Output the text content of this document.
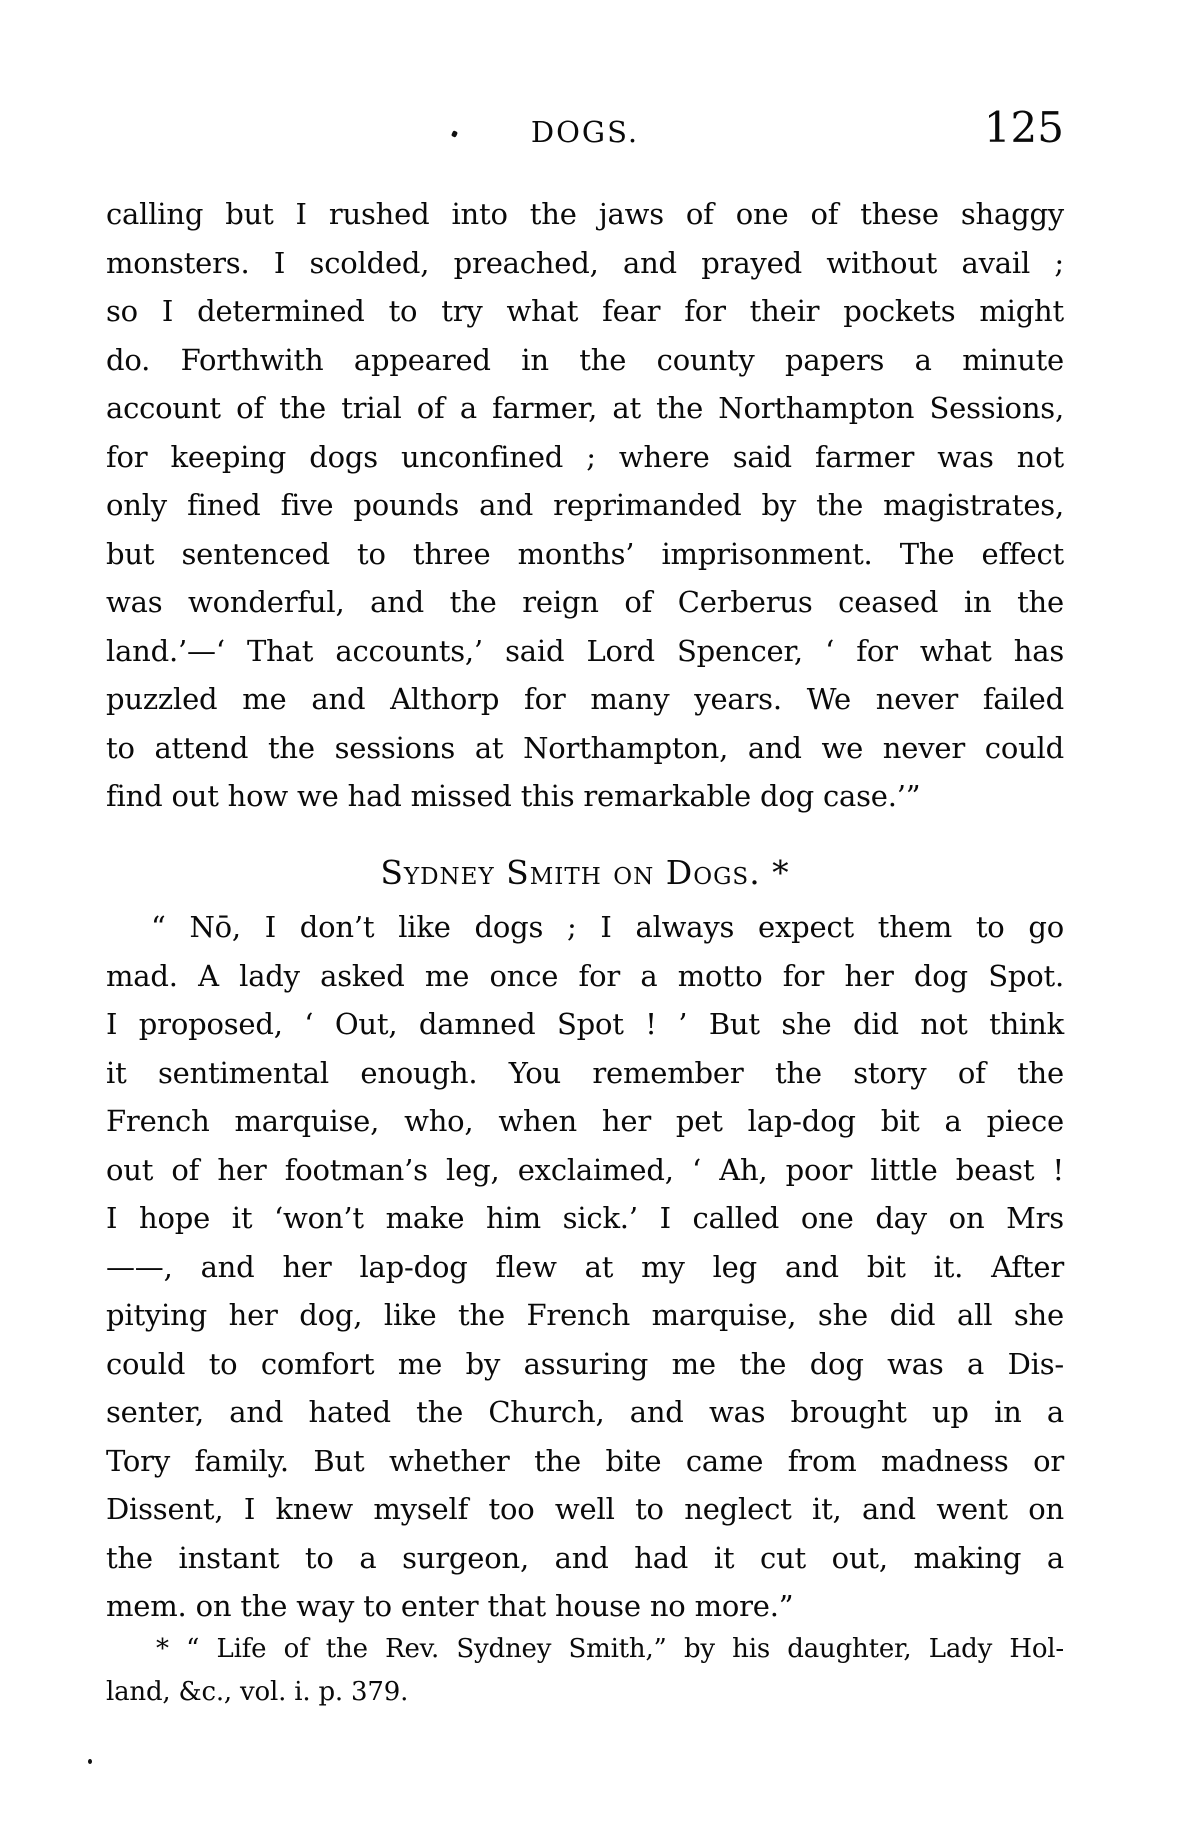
DOGS.	125
calling but I rushed into the jaws of one of these shaggy
monsters. I scolded, preached, and prayed without avail ;
so I determined to try what fear for their pockets might
do. Forthwith appeared in the county papers a minute
account of the trial of a farmer, at the Northampton Sessions,
for keeping dogs unconfined ; where said farmer was not
only fined five pounds and reprimanded by the magistrates,
but sentenced to three months’ imprisonment. The effect
was wonderful, and the reign of Cerberus ceased in the
land.’—‘ That accounts,’ said Lord Spencer, ‘ for what has
puzzled me and Althorp for many years. We never failed
to attend the sessions at Northampton, and we never could
find out how we had missed this remarkable dog case.’”
Sydney Smith on Dogs. *
“ Nō, I don’t like dogs ; I always expect them to go
mad. A lady asked me once for a motto for her dog Spot.
I proposed, ‘ Out, damned Spot ! ’ But she did not think
it sentimental enough. You remember the story of the
French marquise, who, when her pet lap-dog bit a piece
out of her footman’s leg, exclaimed, ‘ Ah, poor little beast !
I hope it ‘won’t make him sick.’ I called one day on Mrs
——, and her lap-dog flew at my leg and bit it. After
pitying her dog, like the French marquise, she did all she
could to comfort me by assuring me the dog was a Dis-
senter, and hated the Church, and was brought up in a
Tory family. But whether the bite came from madness or
Dissent, I knew myself too well to neglect it, and went on
the instant to a surgeon, and had it cut out, making a
mem. on the way to enter that house no more.”
* “ Life of the Rev. Sydney Smith,” by his daughter, Lady Hol-
land, &c., vol. i. p. 379.
